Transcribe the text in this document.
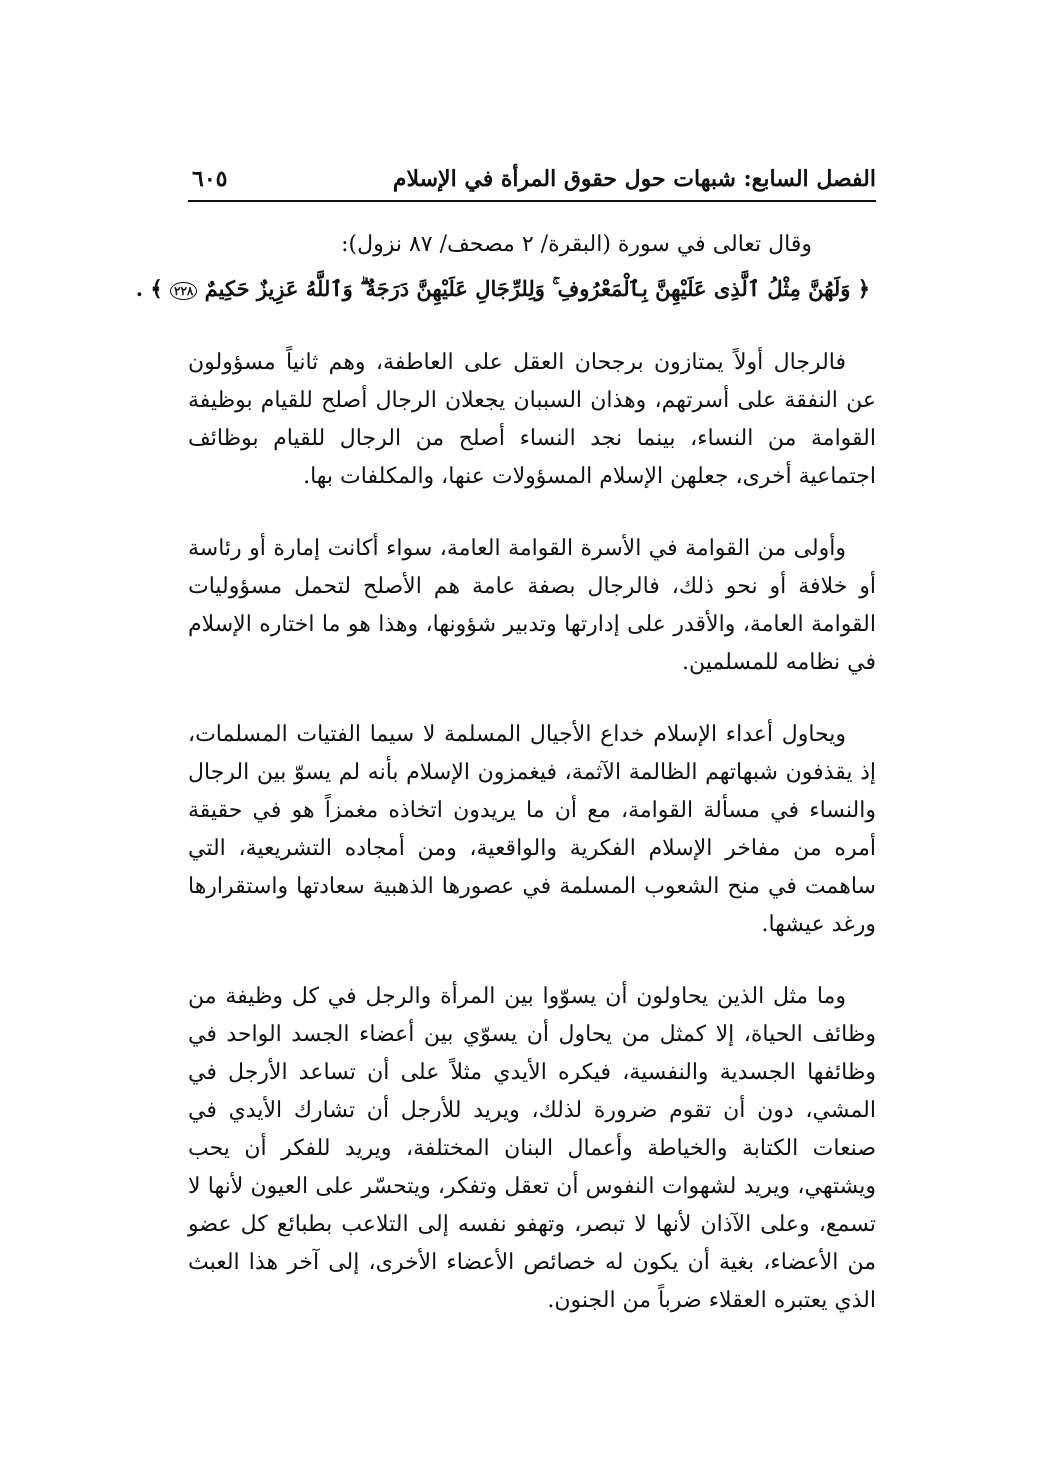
الفصل السابع: شبهات حول حقوق المرأة في الإسلام
٦٠٥

وقال تعالى في سورة (البقرة/ ٢ مصحف/ ٨٧ نزول):

﴿ وَلَهُنَّ مِثْلُ ٱلَّذِى عَلَيْهِنَّ بِٱلْمَعْرُوفِ ۚ وَلِلرِّجَالِ عَلَيْهِنَّ دَرَجَةٌ ۗ وَٱللَّهُ عَزِيزٌ حَكِيمٌ ٢٢٨ ﴾ .

فالرجال أولاً يمتازون برجحان العقل على العاطفة، وهم ثانياً مسؤولون عن النفقة على أسرتهم، وهذان السببان يجعلان الرجال أصلح للقيام بوظيفة القوامة من النساء، بينما نجد النساء أصلح من الرجال للقيام بوظائف اجتماعية أخرى، جعلهن الإسلام المسؤولات عنها، والمكلفات بها.

وأولى من القوامة في الأسرة القوامة العامة، سواء أكانت إمارة أو رئاسة أو خلافة أو نحو ذلك، فالرجال بصفة عامة هم الأصلح لتحمل مسؤوليات القوامة العامة، والأقدر على إدارتها وتدبير شؤونها، وهذا هو ما اختاره الإسلام في نظامه للمسلمين.

ويحاول أعداء الإسلام خداع الأجيال المسلمة لا سيما الفتيات المسلمات، إذ يقذفون شبهاتهم الظالمة الآثمة، فيغمزون الإسلام بأنه لم يسوّ بين الرجال والنساء في مسألة القوامة، مع أن ما يريدون اتخاذه مغمزاً هو في حقيقة أمره من مفاخر الإسلام الفكرية والواقعية، ومن أمجاده التشريعية، التي ساهمت في منح الشعوب المسلمة في عصورها الذهبية سعادتها واستقرارها ورغد عيشها.

وما مثل الذين يحاولون أن يسوّوا بين المرأة والرجل في كل وظيفة من وظائف الحياة، إلا كمثل من يحاول أن يسوّي بين أعضاء الجسد الواحد في وظائفها الجسدية والنفسية، فيكره الأيدي مثلاً على أن تساعد الأرجل في المشي، دون أن تقوم ضرورة لذلك، ويريد للأرجل أن تشارك الأيدي في صنعات الكتابة والخياطة وأعمال البنان المختلفة، ويريد للفكر أن يحب ويشتهي، ويريد لشهوات النفوس أن تعقل وتفكر، ويتحسّر على العيون لأنها لا تسمع، وعلى الآذان لأنها لا تبصر، وتهفو نفسه إلى التلاعب بطبائع كل عضو من الأعضاء، بغية أن يكون له خصائص الأعضاء الأخرى، إلى آخر هذا العبث الذي يعتبره العقلاء ضرباً من الجنون.
